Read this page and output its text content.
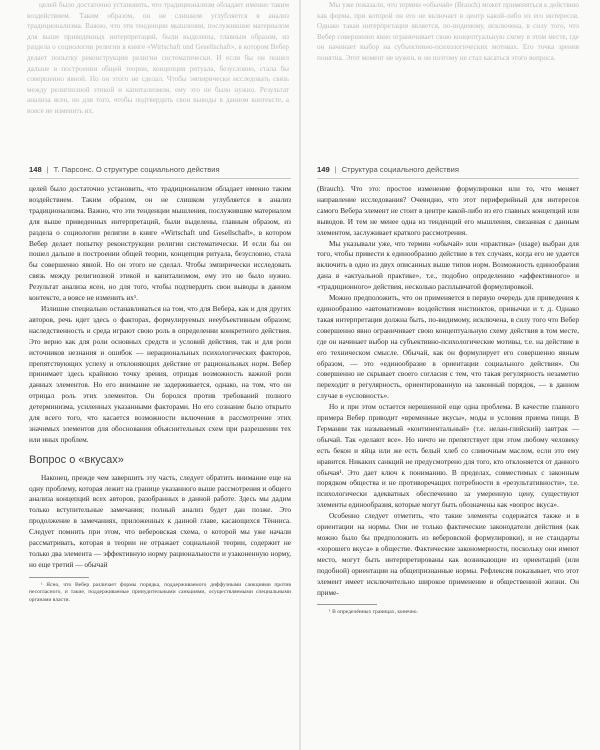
целей было достаточно установить, что традиционализм обладает именно таким воздействием. Таким образом, он не слишком углубляется в анализ традиционализма. Важно, что эти тенденции мышления, послужившие материалом для выше приведенных интерпретаций, были выделены, главным образом, из раздела о социологии религии в книге «Wirtschaft und Gesellschaft», в котором Вебер делает попытку реконструкции религии систематически. И если бы он пошел дальше в построении общей теории, концепция ритуала, безусловно, стала бы совершенно явной. Но он этого не сделал. Чтобы эмпирически исследовать связь между религиозной этикой и капитализмом, ему это не было нужно. Результат анализа ясен, но для того, чтобы подтвердить свои выводы в данном контексте, а вовсе не изменить их.

Мы уже показали, что термин «обычай» (Brauch) может применяться к действию как форма, при которой он его не включает в центр какой-либо из его интересов. Однако такая интерпретация является, по-видимому, исключена, в силу того, что Вебер совершенно явно ограничивает свою концептуальную схему в этом месте, где он начинает выбор на субъективно-психологических мотивах. Его точка зрения понятна. Этот момент не нужен, и он поэтому не стал касаться этого вопроса.

148 | Т. Парсонс. О структуре социального действия

целей было достаточно установить, что традиционализм обладает именно таким воздействием. Таким образом, он не слишком углубляется в анализ традиционализма. Важно, что эти тенденции мышления, послужившие материалом для выше приведенных интерпретаций, были выделены, главным образом, из раздела о социологии религии в книге «Wirtschaft und Gesellschaft», в котором Вебер делает попытку реконструкции религии систематически. И если бы он пошел дальше в построении общей теории, концепция ритуала, безусловно, стала бы совершенно явной. Но он этого не сделал. Чтобы эмпирически исследовать связь между религиозной этикой и капитализмом, ему это не было нужно. Результат анализа ясен, но для того, чтобы подтвердить свои выводы в данном контексте, а вовсе не изменить их¹.

Излишне специально останавливаться на том, что для Вебера, как и для других авторов, речь идет здесь о факторах, формулируемых нееубъективным образом; наследственность и среда играют свою роль в определении конкретного действия. Это верно как для роли основных средств и условий действия, так и для роли источников незнания и ошибок — нерациональных психологических факторов, препятствующих успеху и отклоняющих действие от рациональных норм. Вебер принимает здесь крайнюю точку зрения, отрицая возможность важной роли данных элементов. Но его внимание не задерживается, однако, на том, что он отрицал роль этих элементов. Он боролся против требований полного детерминизма, усиленных указанными факторами. Но его сознание было открыто для всего того, что касается возможности включения в рассмотрение этих значимых элементов для обоснования объяснительных схем при разрешении тех или иных проблем.

Вопрос о «вкусах»

Наконец, прежде чем завершить эту часть, следует обратить внимание еще на одну проблему, которая лежит на границе указанного выше рассмотрения и общего анализа концепций всех авторов, разобранных в данной работе. Здесь мы дадим только вступительные замечания; полный анализ будет дан позже. Это продолжение в замечаниях, приложенных к данной главе, касающихся Тённиса. Следует помнить при этом, что веберовская схема, о которой мы уже начали рассматривать, которая в теории не отражает социальной теории, содержит не только два элемента — эффективную норму рациональности и узаконенную норму, но еще третий — обычай

¹ Ясно, что Вебер различает формы порядка, поддерживаемого диффузными санкциями против несогласного, и такие, поддерживаемые принудительными санкциями, осуществляемыми специальными органами власти.

149 | Структура социального действия

(Brauch). Что это: простое изменение формулировки или то, что меняет направление исследования? Очевидно, что этот периферийный для интересов самого Вебера элемент не стоит в центре какой-либо из его главных концепций или выводов. И тем не менее одна из тенденций его мышления, связанная с данным элементом, заслуживает краткого рассмотрения.

Мы указывали уже, что термин «обычай» или «практика» (usage) выбран для того, чтобы привести к единообразию действие в тех случаях, когда его не удается включить в одно из двух описанных выше типов норм. Возможность единообразия дана в «актуальной практике», т.е., подобно определению «аффективного» и «традиционного» действия, несколько расплывчатой формулировкой.

Можно предположить, что он применяется в первую очередь для приведения к единообразию «автоматизмов» воздействия инстинктов, привычки и т. д. Однако такая интерпретация должна быть, по-видимому, исключена, в силу того что Вебер совершенно явно ограничивает свою концептуальную схему действия в том месте, где он начинает выбор на субъективно-психологические мотивы, т.е. на действие в его техническом смысле. Обычай, как он формулирует его совершенно явным образом, — это «единообразие в ориентации социального действия». Он совершенно не скрывает своего согласия с тем, что такая регулярность незаметно переходит в регулярность, ориентированную на законный порядок, — в данном случае в «условность».

Но и при этом остается нерешенной еще одна проблема. В качестве главного примера Вебер приводит «временные вкусы», моды и условия приема пищи. В Германии так называемый «континентальный» (т.е. нелан-глийский) завтрак — обычай. Так «делают все». Но ничто не препятствует при этом любому человеку есть бекон и яйца или же есть белый хлеб со сливочным маслом, если это ему нравится. Никаких санкций не предусмотрено для того, кто отклоняется от данного обычая¹. Это дает ключ к пониманию. В пределах, совместимых с законным порядком общества и не противоречащих потребности в «результативности», т.е. психологически адекватных обеспечению за умеренную цену, существуют элементы единообразия, которые могут быть обозначены как «вопрос вкуса».

Особенно следует отметить, что такие элементы содержатся также и в ориентации на нормы. Они не только фактические законодатели действия (как можно было бы предположить из веберовской формулировки), и не стандарты «хорошего вкуса» в обществе. Фактические закономерности, поскольку они имеют место, могут быть интерпретированы как возникающие из ориентаций (или подобной) ориентации на общепризнанные нормы. Рефлексия показывает, что этот элемент имеет исключительно широкое применение в общественной жизни. Он приме-

¹ В определённых границах, конечно.
